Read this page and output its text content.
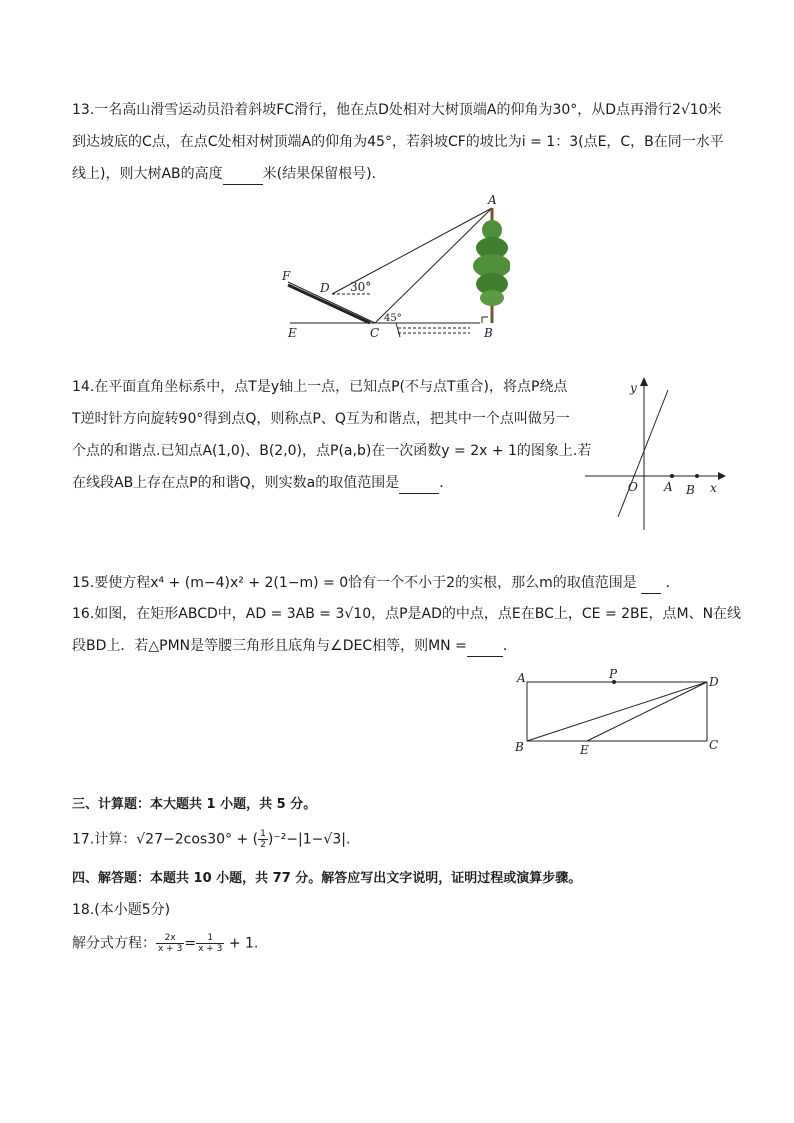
13.一名高山滑雪运动员沿着斜坡FC滑行，他在点D处相对大树顶端A的仰角为30°，从D点再滑行2√10米
到达坡底的C点，在点C处相对树顶端A的仰角为45°，若斜坡CF的坡比为i = 1：3(点E，C，B在同一水平
线上)，则大树AB的高度	米(结果保留根号)．
A
B
C
D
E
F
30°
45°
14.在平面直角坐标系中，点T是y轴上一点，已知点P(不与点T重合)，将点P绕点
T逆时针方向旋转90°得到点Q，则称点P、Q互为和谐点，把其中一个点叫做另一
个点的和谐点.已知点A(1,0)、B(2,0)，点P(a,b)在一次函数y = 2x + 1的图象上.若
在线段AB上存在点P的和谐Q，则实数a的取值范围是	．
y
x
O A B
15.要使方程x⁴ + (m−4)x² + 2(1−m) = 0恰有一个不小于2的实根，那么m的取值范围是 ．
16.如图，在矩形ABCD中，AD = 3AB = 3√10，点P是AD的中点，点E在BC上，CE = 2BE，点M、N在线
段BD上．若△PMN是等腰三角形且底角与∠DEC相等，则MN =	．
A	P
D
B	E	C
三、计算题：本大题共 1 小题，共 5 分。
17.计算：√27−2cos30° + ( $\frac{1}{2} )^{-2}-|1-√3|$.
四、解答题：本题共 10 小题，共 77 分。解答应写出文字说明，证明过程或演算步骤。
18.(本小题5分)
解分式方程： $\frac{2x}{x + 3} = \frac{1}{x + 3} + 1$.
